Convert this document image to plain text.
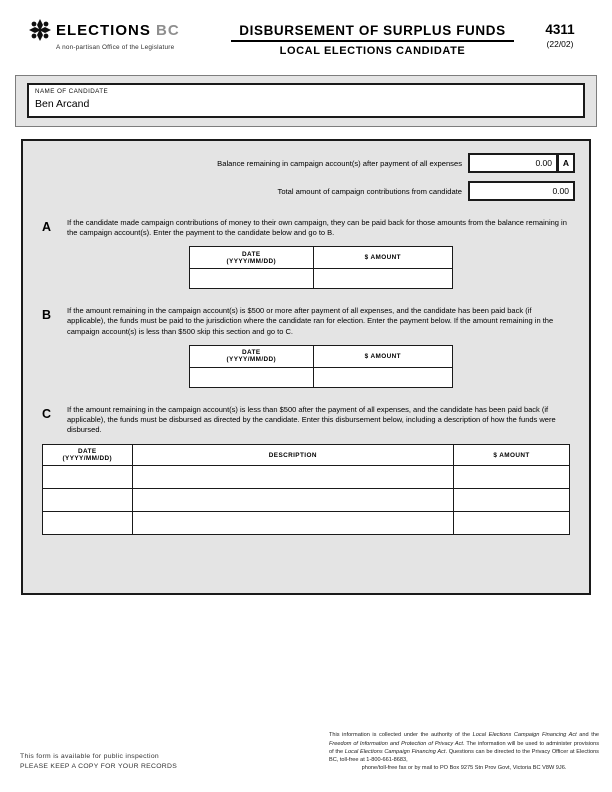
ELECTIONS BC
A non-partisan Office of the Legislature
DISBURSEMENT OF SURPLUS FUNDS
LOCAL ELECTIONS CANDIDATE
4311
(22/02)
NAME OF CANDIDATE
Ben Arcand
Balance remaining in campaign account(s) after payment of all expenses	0.00	A
Total amount of campaign contributions from candidate	0.00
A	If the candidate made campaign contributions of money to their own campaign, they can be paid back for those amounts from the balance remaining in the campaign account(s). Enter the payment to the candidate below and go to B.
DATE
(YYYY/MM/DD)	$ AMOUNT

B	If the amount remaining in the campaign account(s) is $500 or more after payment of all expenses, and the candidate has been paid back (if applicable), the funds must be paid to the jurisdiction where the candidate ran for election. Enter the payment below. If the amount remaining in the campaign account(s) is less than $500 skip this section and go to C.
DATE
(YYYY/MM/DD)	$ AMOUNT

C	If the amount remaining in the campaign account(s) is less than $500 after the payment of all expenses, and the candidate has been paid back (if applicable), the funds must be disbursed as directed by the candidate. Enter this disbursement below, including a description of how the funds were disbursed.
DATE
(YYYY/MM/DD)	DESCRIPTION	$ AMOUNT

This form is available for public inspection
PLEASE KEEP A COPY FOR YOUR RECORDS
This information is collected under the authority of the Local Elections Campaign Financing Act and the Freedom of Information and Protection of Privacy Act. The information will be used to administer provisions of the Local Elections Campaign Financing Act. Questions can be directed to the Privacy Officer at Elections BC, toll-free at 1-800-661-8683,
phone/toll-free fax or by mail to PO Box 9275 Stn Prov Govt, Victoria BC V8W 9J6.
